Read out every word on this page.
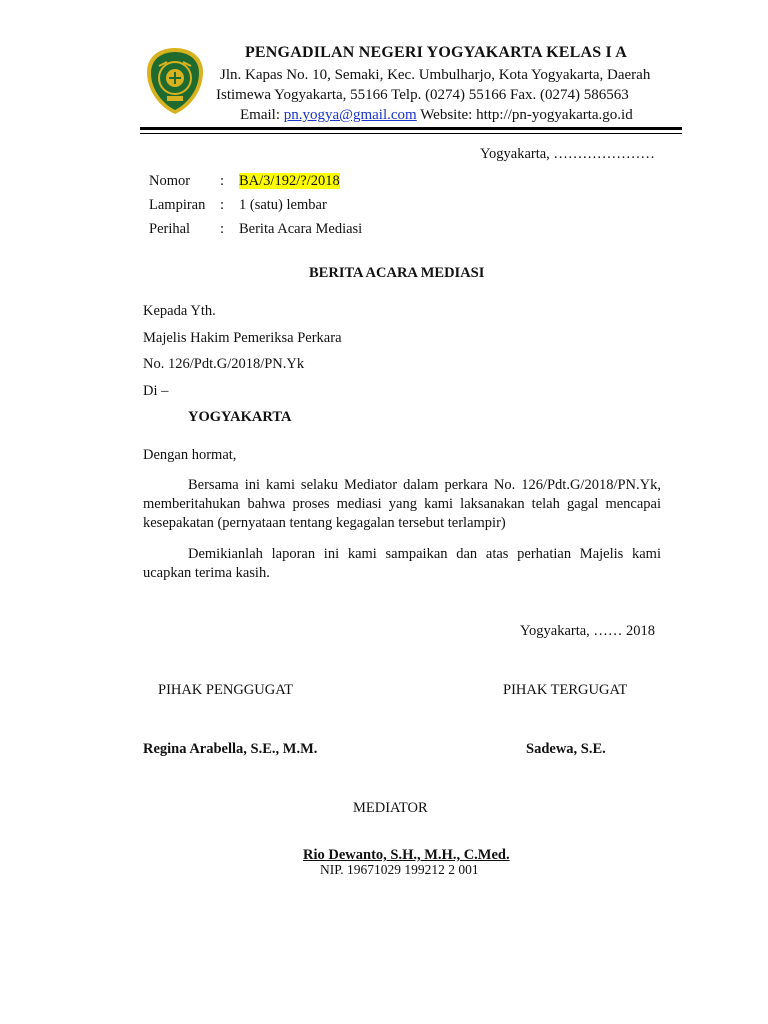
PENGADILAN NEGERI YOGYAKARTA KELAS I A
Jln. Kapas No. 10, Semaki, Kec. Umbulharjo, Kota Yogyakarta, Daerah
Istimewa Yogyakarta, 55166 Telp. (0274) 55166 Fax. (0274) 586563
Email: pn.yogya@gmail.com Website: http://pn-yogyakarta.go.id
Yogyakarta, …………………
Nomor : BA/3/192/?/2018
Lampiran : 1 (satu) lembar
Perihal : Berita Acara Mediasi
BERITA ACARA MEDIASI
Kepada Yth.
Majelis Hakim Pemeriksa Perkara
No. 126/Pdt.G/2018/PN.Yk
Di –
YOGYAKARTA
Dengan hormat,
Bersama ini kami selaku Mediator dalam perkara No. 126/Pdt.G/2018/PN.Yk, memberitahukan bahwa proses mediasi yang kami laksanakan telah gagal mencapai kesepakatan (pernyataan tentang kegagalan tersebut terlampir)
Demikianlah laporan ini kami sampaikan dan atas perhatian Majelis kami ucapkan terima kasih.
Yogyakarta, …… 2018
PIHAK PENGGUGAT	PIHAK TERGUGAT
Regina Arabella, S.E., M.M.	Sadewa, S.E.
MEDIATOR
Rio Dewanto, S.H., M.H., C.Med.
NIP. 19671029 199212 2 001
